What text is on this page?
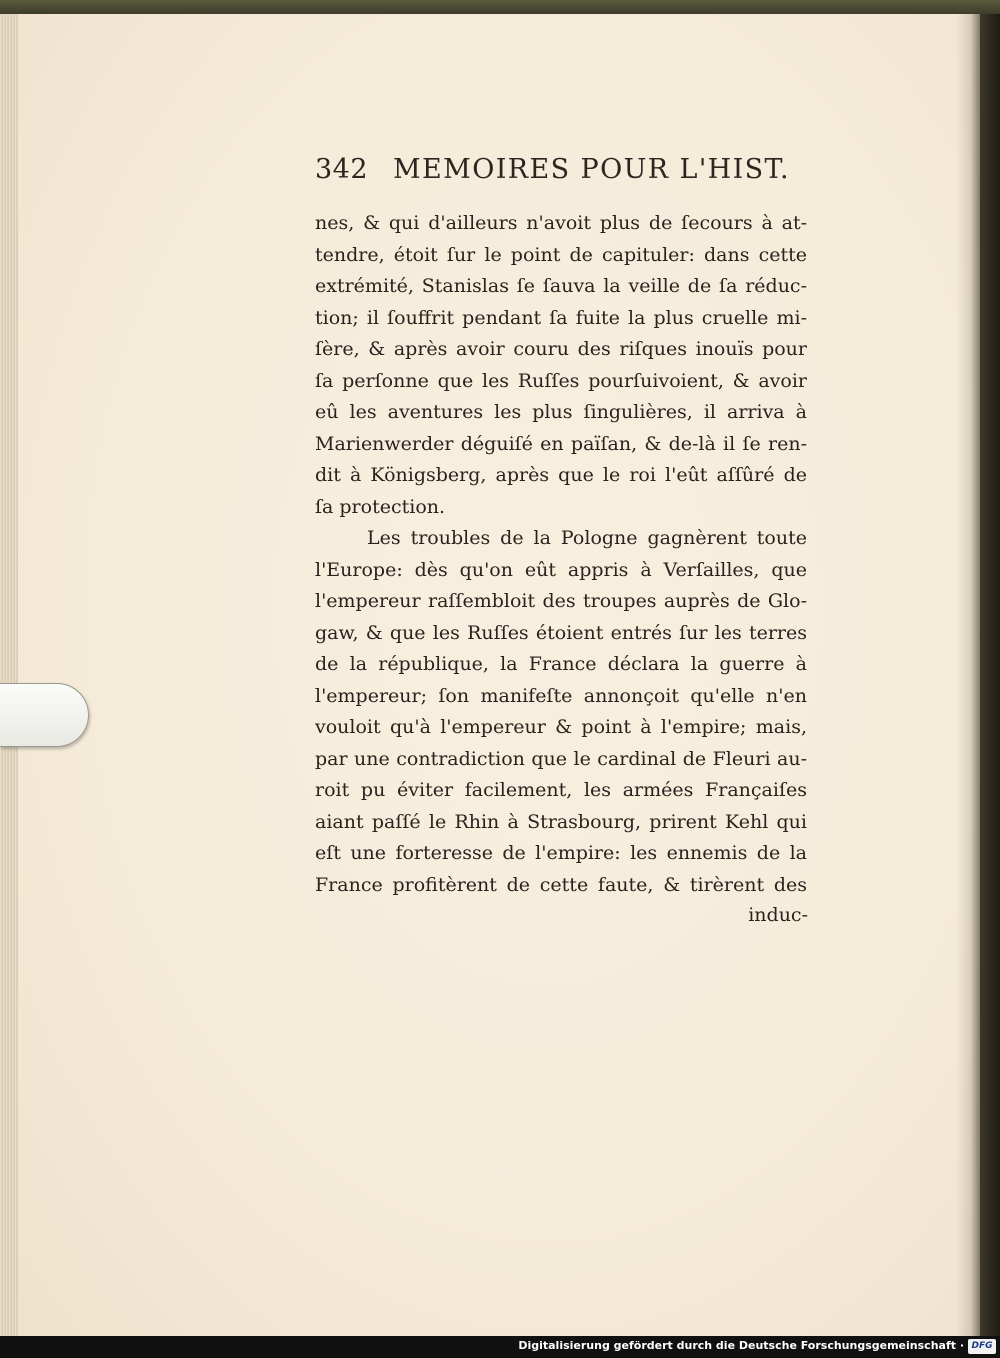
342 MEMOIRES POUR L'HIST.
nes, & qui d'ailleurs n'avoit plus de ſecours à at-
tendre, étoit ſur le point de capituler: dans cette
extrémité, Stanislas ſe ſauva la veille de ſa réduc-
tion; il ſouffrit pendant ſa fuite la plus cruelle mi-
ſère, & après avoir couru des riſques inouïs pour
ſa perſonne que les Ruſſes pourſuivoient, & avoir
eû les aventures les plus ſingulières, il arriva à
Marienwerder déguiſé en païſan, & de-là il ſe ren-
dit à Königsberg, après que le roi l'eût aſſûré de
ſa protection.
Les troubles de la Pologne gagnèrent toute
l'Europe: dès qu'on eût appris à Verſailles, que
l'empereur raſſembloit des troupes auprès de Glo-
gaw, & que les Ruſſes étoient entrés ſur les terres
de la république, la France déclara la guerre à
l'empereur; ſon manifeſte annonçoit qu'elle n'en
vouloit qu'à l'empereur & point à l'empire; mais,
par une contradiction que le cardinal de Fleuri au-
roit pu éviter facilement, les armées Françaiſes
aiant paſſé le Rhin à Strasbourg, prirent Kehl qui
eſt une forteresse de l'empire: les ennemis de la
France profitèrent de cette faute, & tirèrent des
induc-
Digitalisierung gefördert durch die Deutsche Forschungsgemeinschaft · DFG
